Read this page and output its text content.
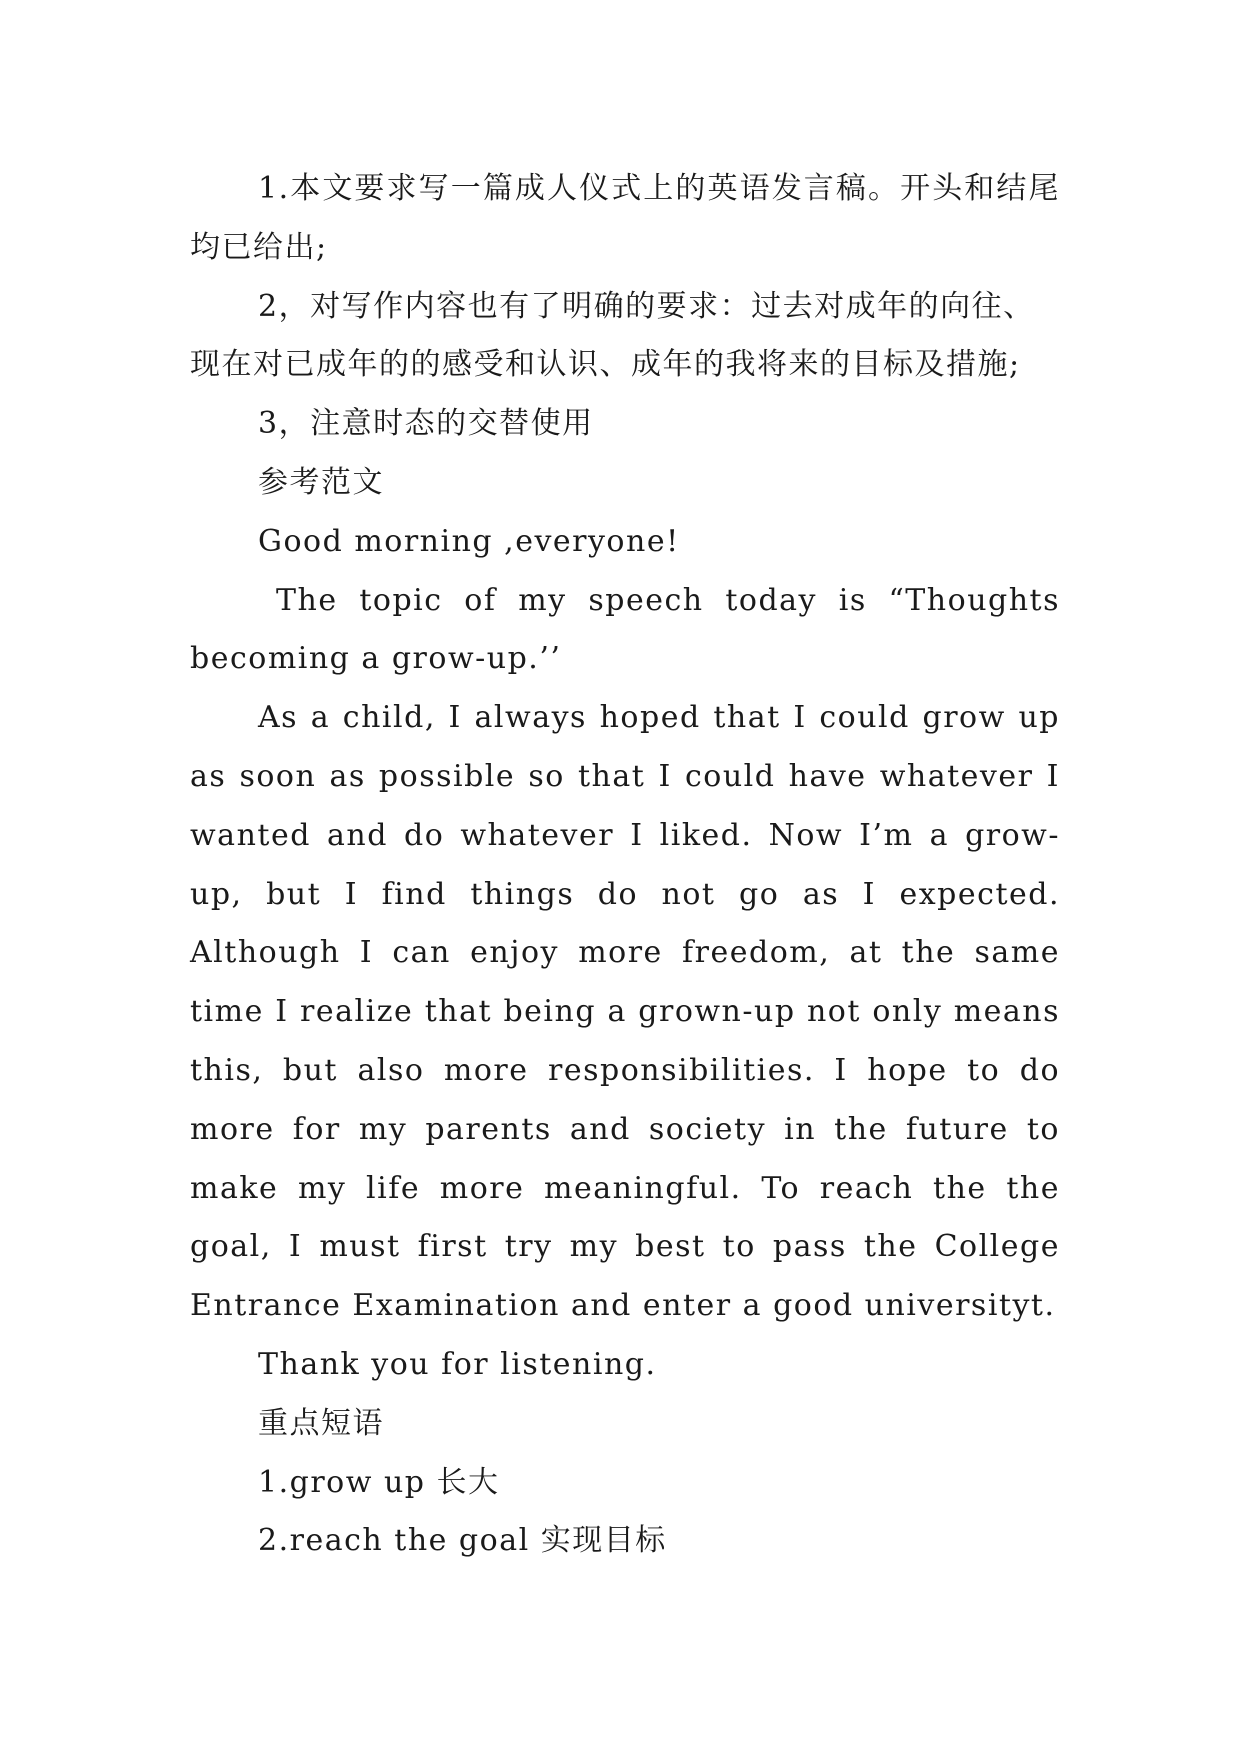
1.本文要求写一篇成人仪式上的英语发言稿。开头和结尾均已给出;

2，对写作内容也有了明确的要求：过去对成年的向往、现在对已成年的的感受和认识、成年的我将来的目标及措施;

3，注意时态的交替使用

参考范文

Good morning ,everyone!

The topic of my speech today is “Thoughts becoming a grow-up.’’

As a child, I always hoped that I could grow up as soon as possible so that I could have whatever I wanted and do whatever I liked. Now I’m a grow-up, but I find things do not go as I expected. Although I can enjoy more freedom, at the same time I realize that being a grown-up not only means this, but also more responsibilities. I hope to do more for my parents and society in the future to make my life more meaningful. To reach the the goal, I must first try my best to pass the College Entrance Examination and enter a good universityt.

Thank you for listening.

重点短语

1.grow up 长大

2.reach the goal 实现目标
